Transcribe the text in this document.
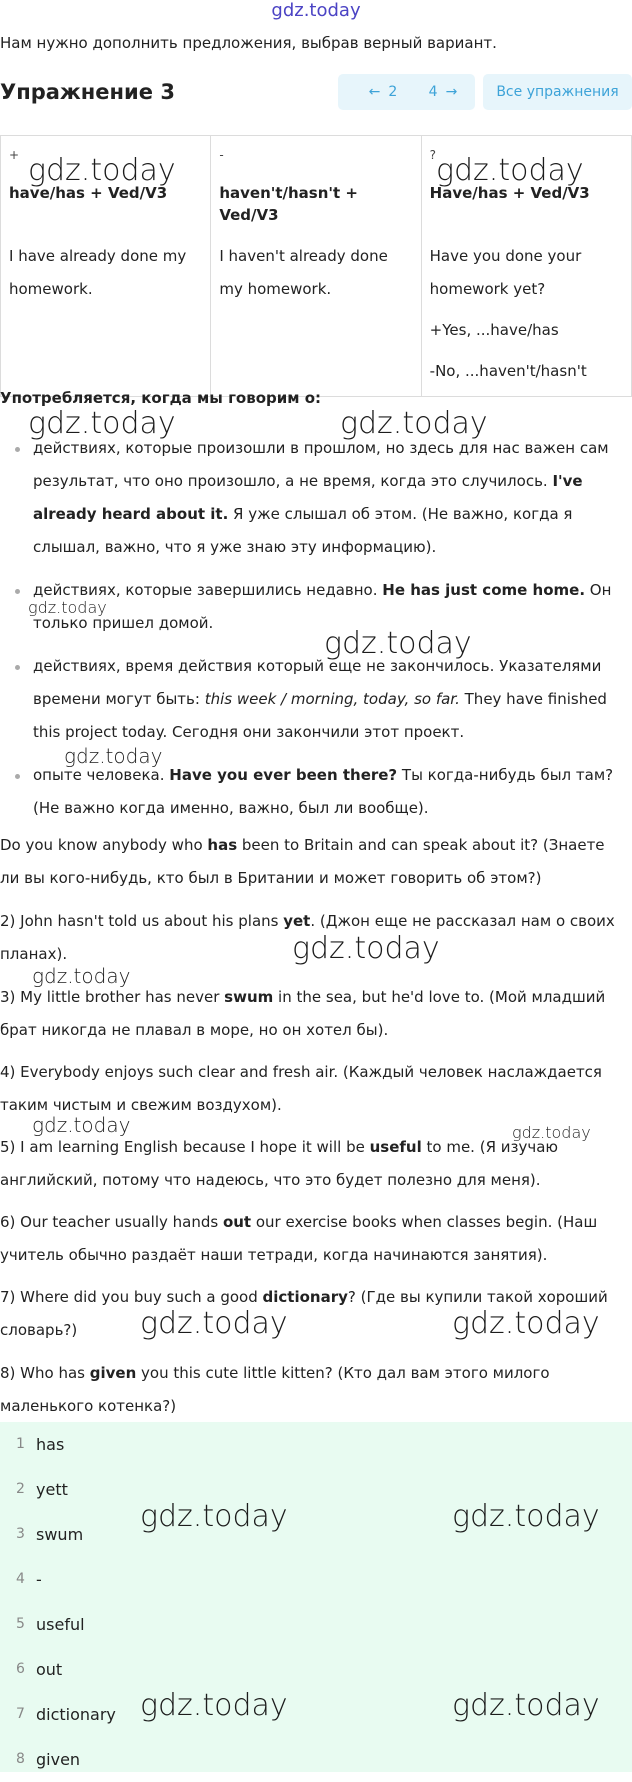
gdz.today
Нам нужно дополнить предложения, выбрав верный вариант.
Упражнение 3	← 2 4 →	Все упражнения
+	-	?
have/has + Ved/V3	haven't/hasn't + Ved/V3	Have/has + Ved/V3

I have already done my homework.	I haven't already done my homework.	Have you done your homework yet?
+Yes, ...have/has
-No, ...haven't/hasn't
Употребляется, когда мы говорим о:
действиях, которые произошли в прошлом, но здесь для нас важен сам результат, что оно произошло, а не время, когда это случилось. I've already heard about it. Я уже слышал об этом. (Не важно, когда я слышал, важно, что я уже знаю эту информацию).
действиях, которые завершились недавно. He has just come home. Он только пришел домой.
действиях, время действия который еще не закончилось. Указателями времени могут быть: this week / morning, today, so far. They have finished this project today. Сегодня они закончили этот проект.
опыте человека. Have you ever been there? Ты когда-нибудь был там? (Не важно когда именно, важно, был ли вообще).
Do you know anybody who has been to Britain and can speak about it? (Знаете ли вы кого-нибудь, кто был в Британии и может говорить об этом?)
2) John hasn't told us about his plans yet. (Джон еще не рассказал нам о своих планах).
3) My little brother has never swum in the sea, but he'd love to. (Мой младший брат никогда не плавал в море, но он хотел бы).
4) Everybody enjoys such clear and fresh air. (Каждый человек наслаждается таким чистым и свежим воздухом).
5) I am learning English because I hope it will be useful to me. (Я изучаю английский, потому что надеюсь, что это будет полезно для меня).
6) Our teacher usually hands out our exercise books when classes begin. (Наш учитель обычно раздаёт наши тетради, когда начинаются занятия).
7) Where did you buy such a good dictionary? (Где вы купили такой хороший словарь?)
8) Who has given you this cute little kitten? (Кто дал вам этого милого маленького котенка?)
1 has
2 yett
3 swum
4 -
5 useful
6 out
7 dictionary
8 given
gdz.today	gdz.today
gdz.today	gdz.today
gdz.today
gdz.today
gdz.today
gdz.today
gdz.today
gdz.today	gdz.today
gdz.today	gdz.today
gdz.today	gdz.today
gdz.today	gdz.today
